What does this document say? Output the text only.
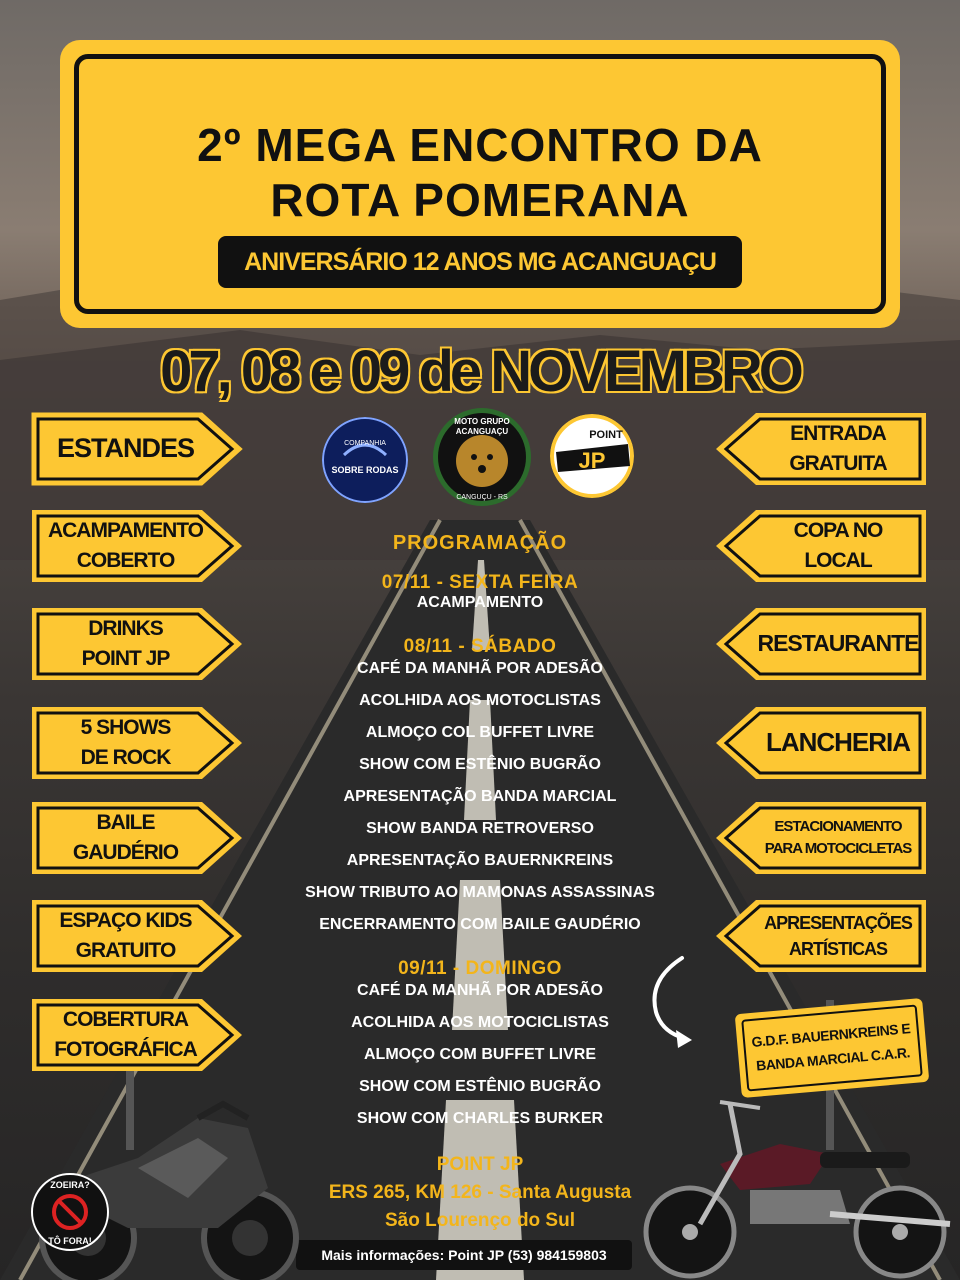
2º MEGA ENCONTRO DA
ROTA POMERANA
ANIVERSÁRIO 12 ANOS MG ACANGUAÇU
07, 08 e 09 de NOVEMBRO
ESTANDES
ACAMPAMENTO
COBERTO
DRINKS
POINT JP
5 SHOWS
DE ROCK
BAILE
GAUDÉRIO
ESPAÇO KIDS
GRATUITO
COBERTURA
FOTOGRÁFICA
ENTRADA
GRATUITA
COPA NO
LOCAL
RESTAURANTE
LANCHERIA
ESTACIONAMENTO
PARA MOTOCICLETAS
APRESENTAÇÕES
ARTÍSTICAS
COMPANHIA
SOBRE RODAS
MOTO GRUPO
ACANGUAÇU
CANGUÇU - RS
POINT
JP
PROGRAMAÇÃO
07/11 - SEXTA FEIRA
ACAMPAMENTO
08/11 - SÁBADO
CAFÉ DA MANHÃ POR ADESÃO
ACOLHIDA AOS MOTOCLISTAS
ALMOÇO COL BUFFET LIVRE
SHOW COM ESTÊNIO BUGRÃO
APRESENTAÇÃO BANDA MARCIAL
SHOW BANDA RETROVERSO
APRESENTAÇÃO BAUERNKREINS
SHOW TRIBUTO AO MAMONAS ASSASSINAS
ENCERRAMENTO COM BAILE GAUDÉRIO
09/11 - DOMINGO
CAFÉ DA MANHÃ POR ADESÃO
ACOLHIDA AOS MOTOCICLISTAS
ALMOÇO COM BUFFET LIVRE
SHOW COM ESTÊNIO BUGRÃO
SHOW COM CHARLES BURKER
G.D.F. BAUERNKREINS E
BANDA MARCIAL C.A.R.
POINT JP
ERS 265, KM 126 - Santa Augusta
São Lourenço do Sul
Mais informações: Point JP (53) 984159803
ZOEIRA?
TÔ FORA!
